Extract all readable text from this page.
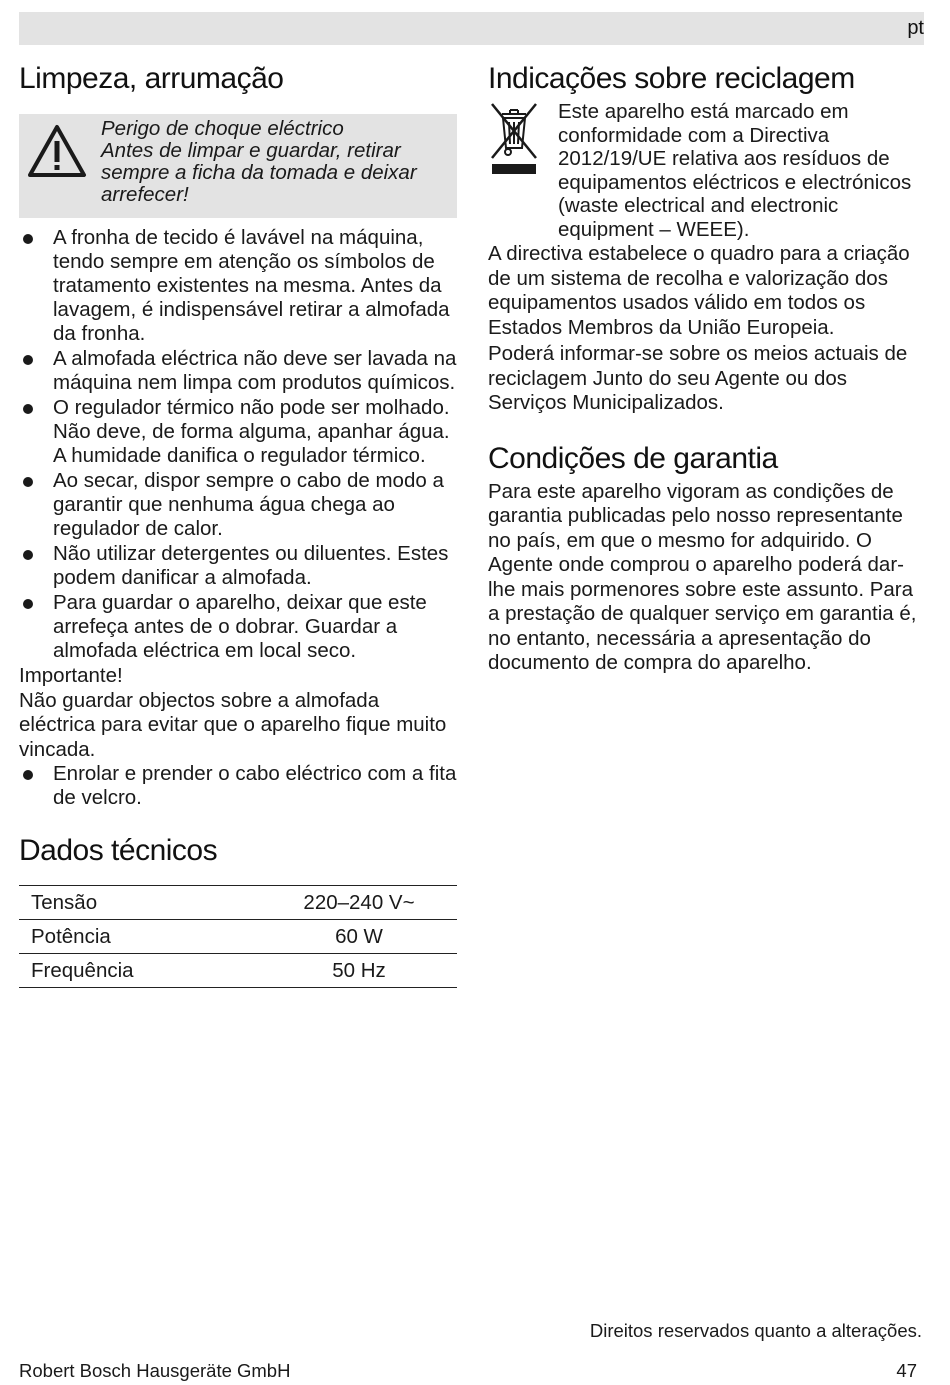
pt
Limpeza, arrumação
Perigo de choque eléctrico
Antes de limpar e guardar, retirar sempre a ficha da tomada e deixar arrefecer!
A fronha de tecido é lavável na máquina, tendo sempre em atenção os símbolos de tratamento existentes na mesma. Antes da lavagem, é indispensável retirar a almofada da fronha.
A almofada eléctrica não deve ser lavada na máquina nem limpa com produtos químicos.
O regulador térmico não pode ser molhado. Não deve, de forma alguma, apanhar água. A humidade danifica o regulador térmico.
Ao secar, dispor sempre o cabo de modo a garantir que nenhuma água chega ao regulador de calor.
Não utilizar detergentes ou diluentes. Estes podem danificar a almofada.
Para guardar o aparelho, deixar que este arrefeça antes de o dobrar. Guardar a almofada eléctrica em local seco.
Importante!
Não guardar objectos sobre a almofada eléctrica para evitar que o aparelho fique muito vincada.
Enrolar e prender o cabo eléctrico com a fita de velcro.
Dados técnicos
Tensão	220–240 V~
Potência	60 W
Frequência	50 Hz
Indicações sobre reciclagem
Este aparelho está marcado em conformidade com a Directiva 2012/19/UE relativa aos resíduos de equipamentos eléctricos e electrónicos (waste electrical and electronic equipment – WEEE).
A directiva estabelece o quadro para a criação de um sistema de recolha e valorização dos equipamentos usados válido em todos os Estados Membros da União Europeia.
Poderá informar-se sobre os meios actuais de reciclagem Junto do seu Agente ou dos Serviços Municipalizados.
Condições de garantia
Para este aparelho vigoram as condições de garantia publicadas pelo nosso representante no país, em que o mesmo for adquirido. O Agente onde comprou o aparelho poderá dar-lhe mais pormenores sobre este assunto. Para a prestação de qualquer serviço em garantia é, no entanto, necessária a apresentação do documento de compra do aparelho.
Direitos reservados quanto a alterações.
Robert Bosch Hausgeräte GmbH	47
